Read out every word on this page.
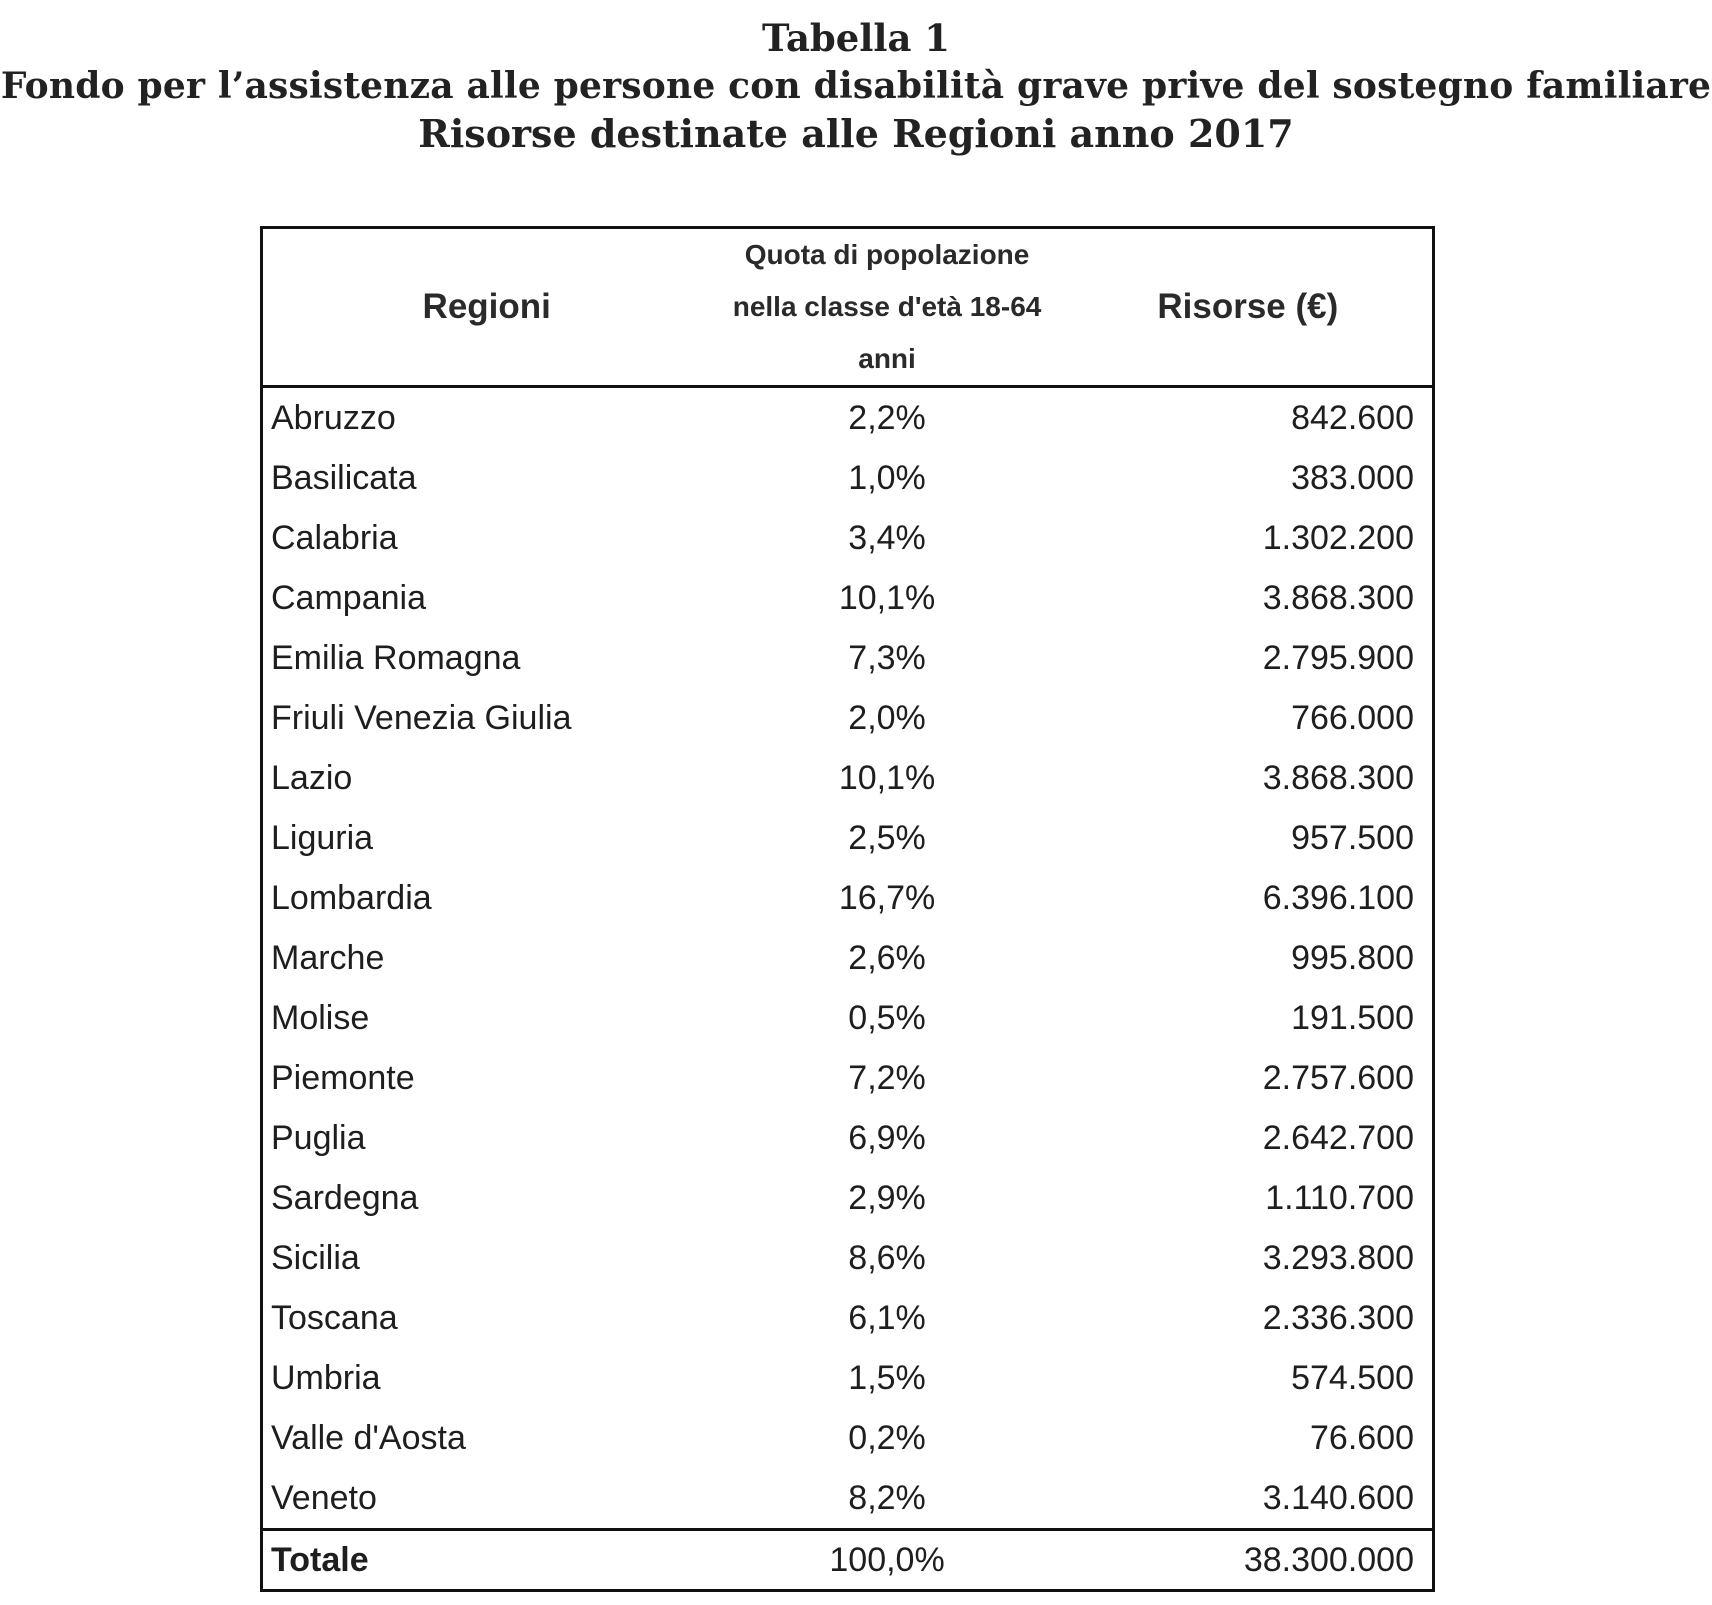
Tabella 1
Fondo per l’assistenza alle persone con disabilità grave prive del sostegno familiare
Risorse destinate alle Regioni anno 2017
Regioni	Quota di popolazione nella classe d'età 18-64 anni	Risorse (€)
Abruzzo	2,2%	842.600
Basilicata	1,0%	383.000
Calabria	3,4%	1.302.200
Campania	10,1%	3.868.300
Emilia Romagna	7,3%	2.795.900
Friuli Venezia Giulia	2,0%	766.000
Lazio	10,1%	3.868.300
Liguria	2,5%	957.500
Lombardia	16,7%	6.396.100
Marche	2,6%	995.800
Molise	0,5%	191.500
Piemonte	7,2%	2.757.600
Puglia	6,9%	2.642.700
Sardegna	2,9%	1.110.700
Sicilia	8,6%	3.293.800
Toscana	6,1%	2.336.300
Umbria	1,5%	574.500
Valle d'Aosta	0,2%	76.600
Veneto	8,2%	3.140.600
Totale	100,0%	38.300.000
